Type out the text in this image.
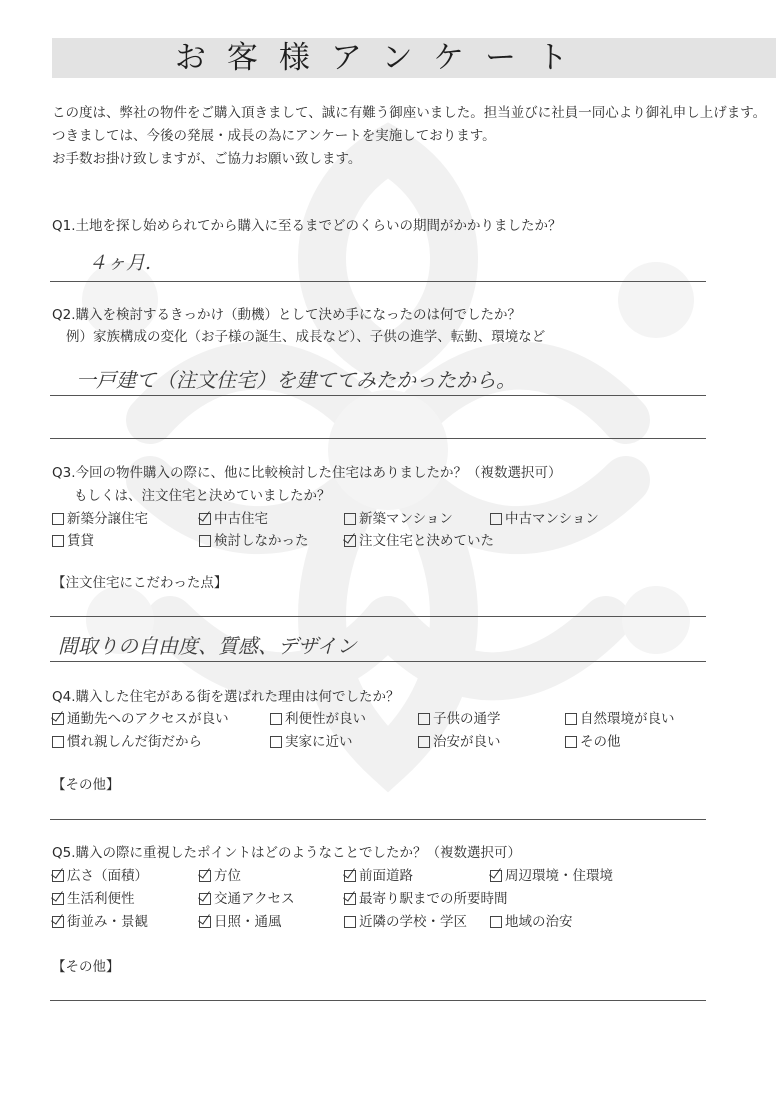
お客様アンケート
この度は、弊社の物件をご購入頂きまして、誠に有難う御座いました。担当並びに社員一同心より御礼申し上げます。
つきましては、今後の発展・成長の為にアンケートを実施しております。
お手数お掛け致しますが、ご協力お願い致します。
Q1.土地を探し始められてから購入に至るまでどのくらいの期間がかかりましたか？
４ヶ月.
Q2.購入を検討するきっかけ（動機）として決め手になったのは何でしたか？
例）家族構成の変化（お子様の誕生、成長など）、子供の進学、転勤、環境など
一戸建て（注文住宅）を建ててみたかったから。
Q3.今回の物件購入の際に、他に比較検討した住宅はありましたか？（複数選択可）
もしくは、注文住宅と決めていましたか？
新築分譲住宅	中古住宅	新築マンション	中古マンション
賃貸	検討しなかった	注文住宅と決めていた
【注文住宅にこだわった点】
間取りの自由度、質感、デザイン
Q4.購入した住宅がある街を選ばれた理由は何でしたか？
通勤先へのアクセスが良い	利便性が良い	子供の通学	自然環境が良い
慣れ親しんだ街だから	実家に近い	治安が良い	その他
【その他】
Q5.購入の際に重視したポイントはどのようなことでしたか？（複数選択可）
広さ（面積）	方位	前面道路	周辺環境・住環境
生活利便性	交通アクセス	最寄り駅までの所要時間
街並み・景観	日照・通風	近隣の学校・学区	地域の治安
【その他】
